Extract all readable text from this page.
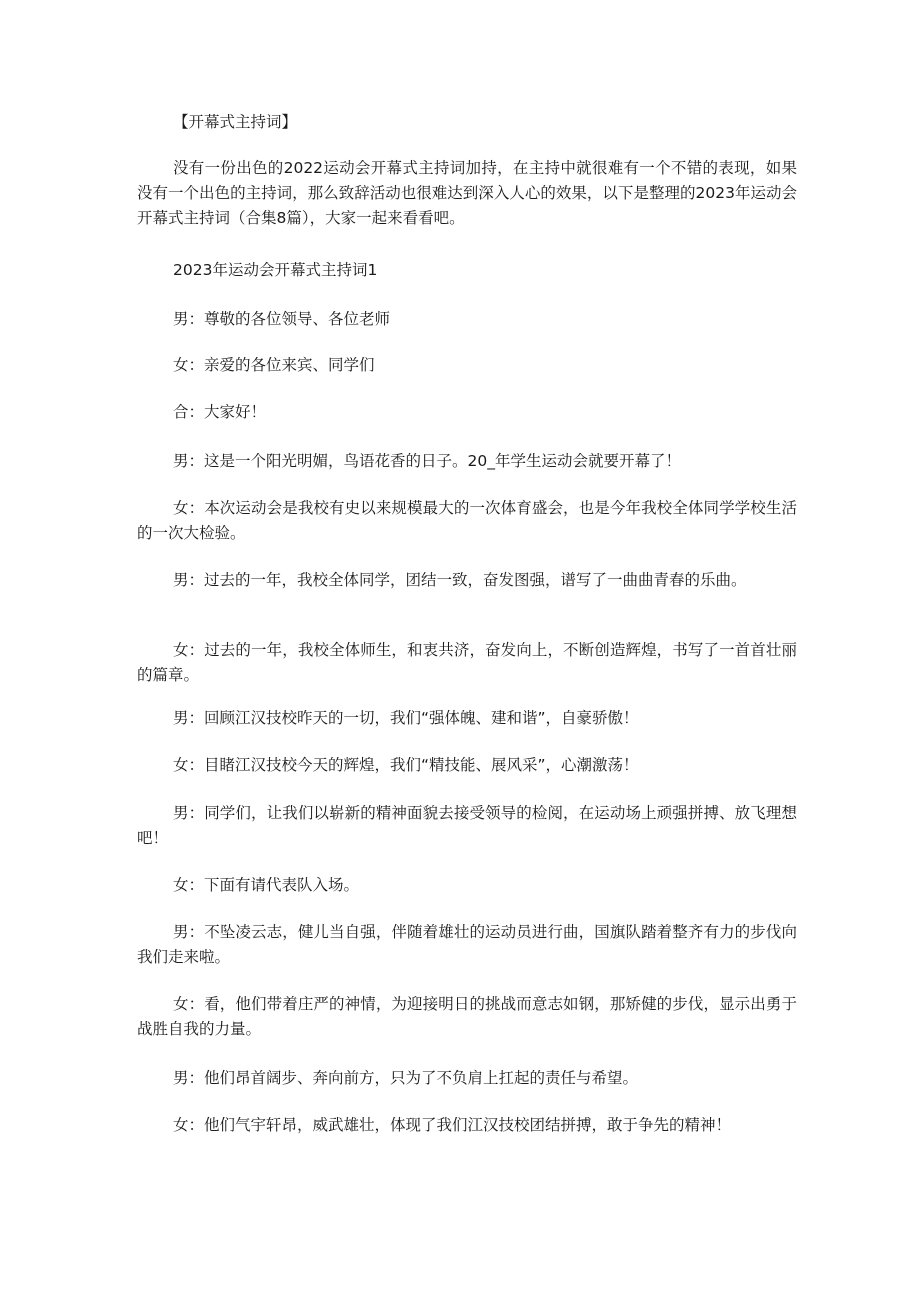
【开幕式主持词】

没有一份出色的2022运动会开幕式主持词加持，在主持中就很难有一个不错的表现，如果没有一个出色的主持词，那么致辞活动也很难达到深入人心的效果，以下是整理的2023年运动会开幕式主持词（合集8篇），大家一起来看看吧。

2023年运动会开幕式主持词1

男：尊敬的各位领导、各位老师

女：亲爱的各位来宾、同学们

合：大家好！

男：这是一个阳光明媚，鸟语花香的日子。20_年学生运动会就要开幕了！

女：本次运动会是我校有史以来规模最大的一次体育盛会，也是今年我校全体同学学校生活的一次大检验。

男：过去的一年，我校全体同学，团结一致，奋发图强，谱写了一曲曲青春的乐曲。

女：过去的一年，我校全体师生，和衷共济，奋发向上，不断创造辉煌，书写了一首首壮丽的篇章。

男：回顾江汉技校昨天的一切，我们“强体魄、建和谐”，自豪骄傲！

女：目睹江汉技校今天的辉煌，我们“精技能、展风采”，心潮激荡！

男：同学们，让我们以崭新的精神面貌去接受领导的检阅，在运动场上顽强拼搏、放飞理想吧！

女：下面有请代表队入场。

男：不坠凌云志，健儿当自强，伴随着雄壮的运动员进行曲，国旗队踏着整齐有力的步伐向我们走来啦。

女：看，他们带着庄严的神情，为迎接明日的挑战而意志如钢，那矫健的步伐，显示出勇于战胜自我的力量。

男：他们昂首阔步、奔向前方，只为了不负肩上扛起的责任与希望。

女：他们气宇轩昂，威武雄壮，体现了我们江汉技校团结拼搏，敢于争先的精神！
